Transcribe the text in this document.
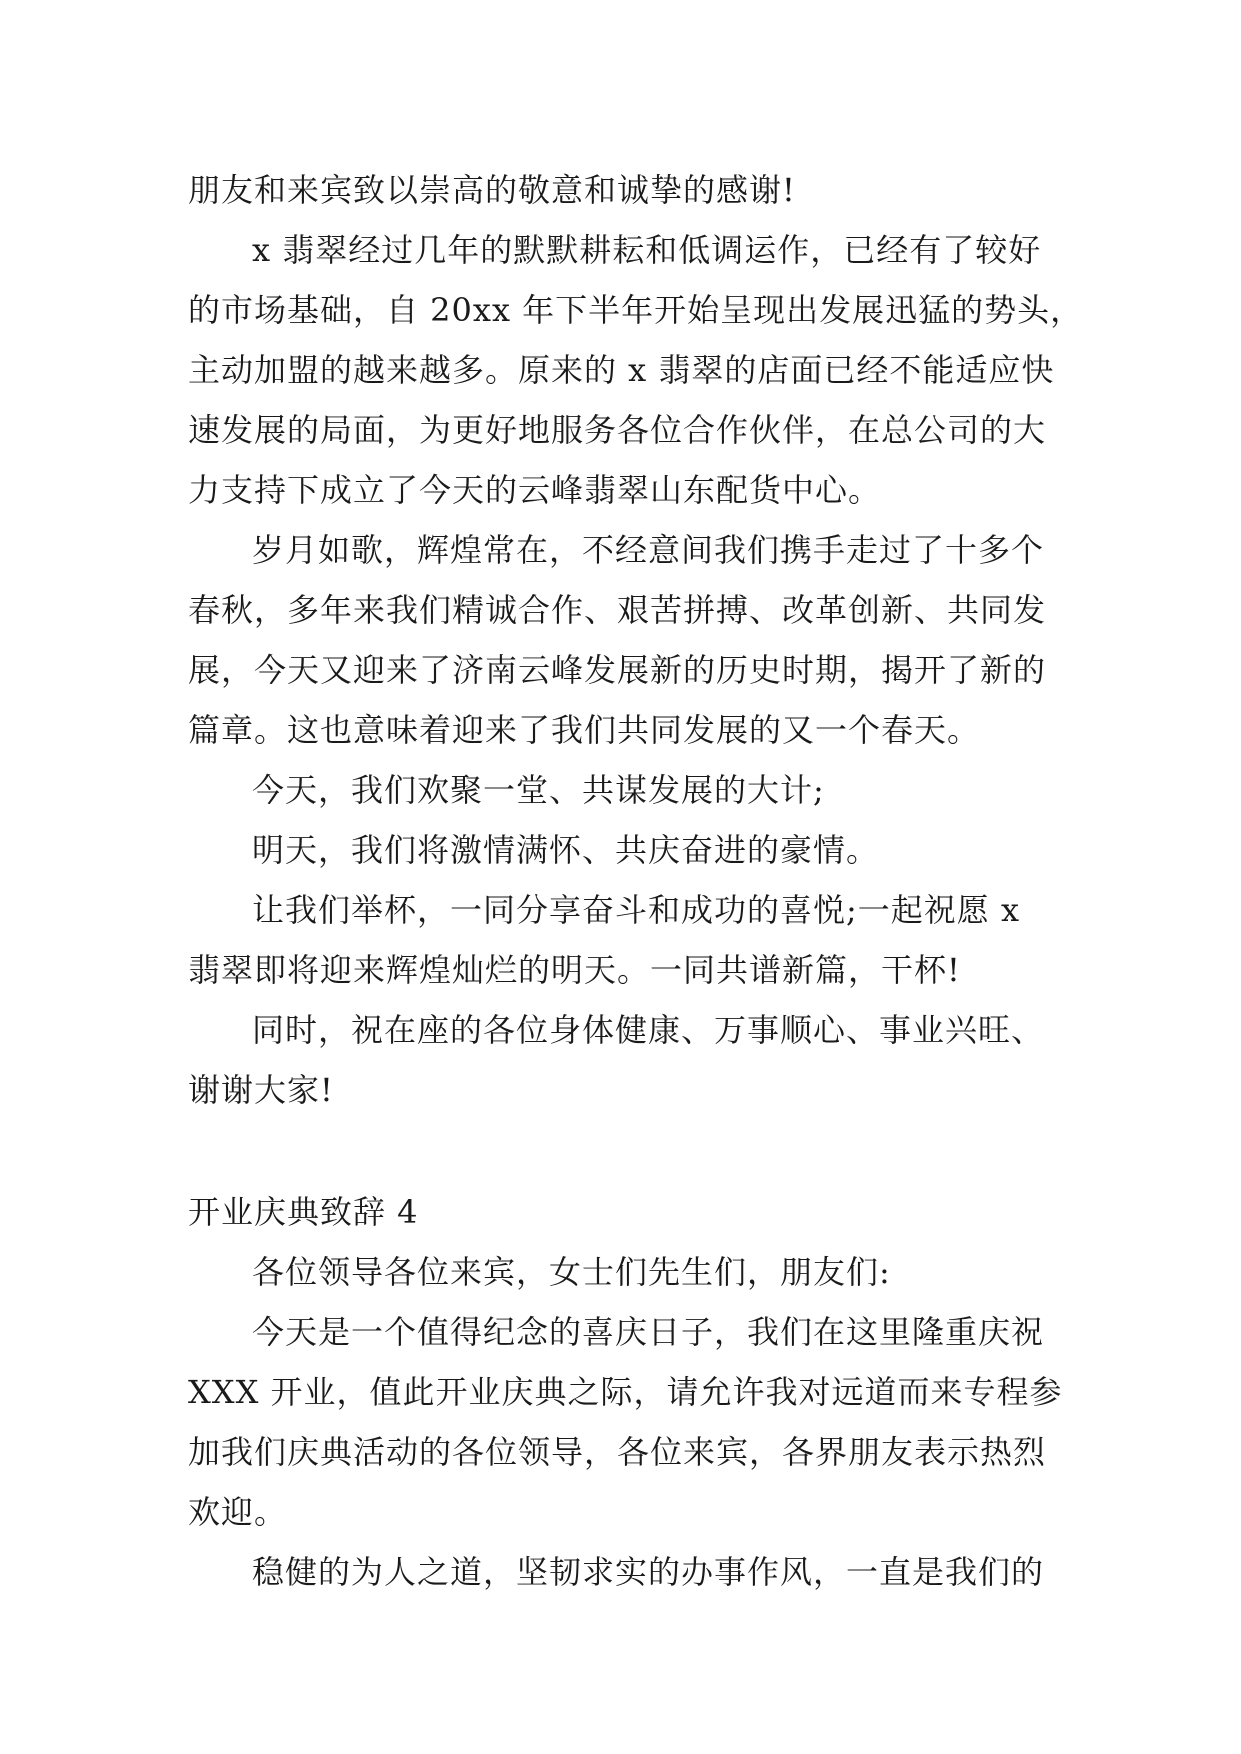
朋友和来宾致以崇高的敬意和诚挚的感谢!
x 翡翠经过几年的默默耕耘和低调运作，已经有了较好
的市场基础，自 20xx 年下半年开始呈现出发展迅猛的势头，
主动加盟的越来越多。原来的 x 翡翠的店面已经不能适应快
速发展的局面，为更好地服务各位合作伙伴，在总公司的大
力支持下成立了今天的云峰翡翠山东配货中心。
岁月如歌，辉煌常在，不经意间我们携手走过了十多个
春秋，多年来我们精诚合作、艰苦拼搏、改革创新、共同发
展，今天又迎来了济南云峰发展新的历史时期，揭开了新的
篇章。这也意味着迎来了我们共同发展的又一个春天。
今天，我们欢聚一堂、共谋发展的大计;
明天，我们将激情满怀、共庆奋进的豪情。
让我们举杯，一同分享奋斗和成功的喜悦;一起祝愿 x
翡翠即将迎来辉煌灿烂的明天。一同共谱新篇，干杯!
同时，祝在座的各位身体健康、万事顺心、事业兴旺、
谢谢大家!
开业庆典致辞 4
各位领导各位来宾，女士们先生们，朋友们:
今天是一个值得纪念的喜庆日子，我们在这里隆重庆祝
XXX 开业，值此开业庆典之际，请允许我对远道而来专程参
加我们庆典活动的各位领导，各位来宾，各界朋友表示热烈
欢迎。
稳健的为人之道，坚韧求实的办事作风，一直是我们的
